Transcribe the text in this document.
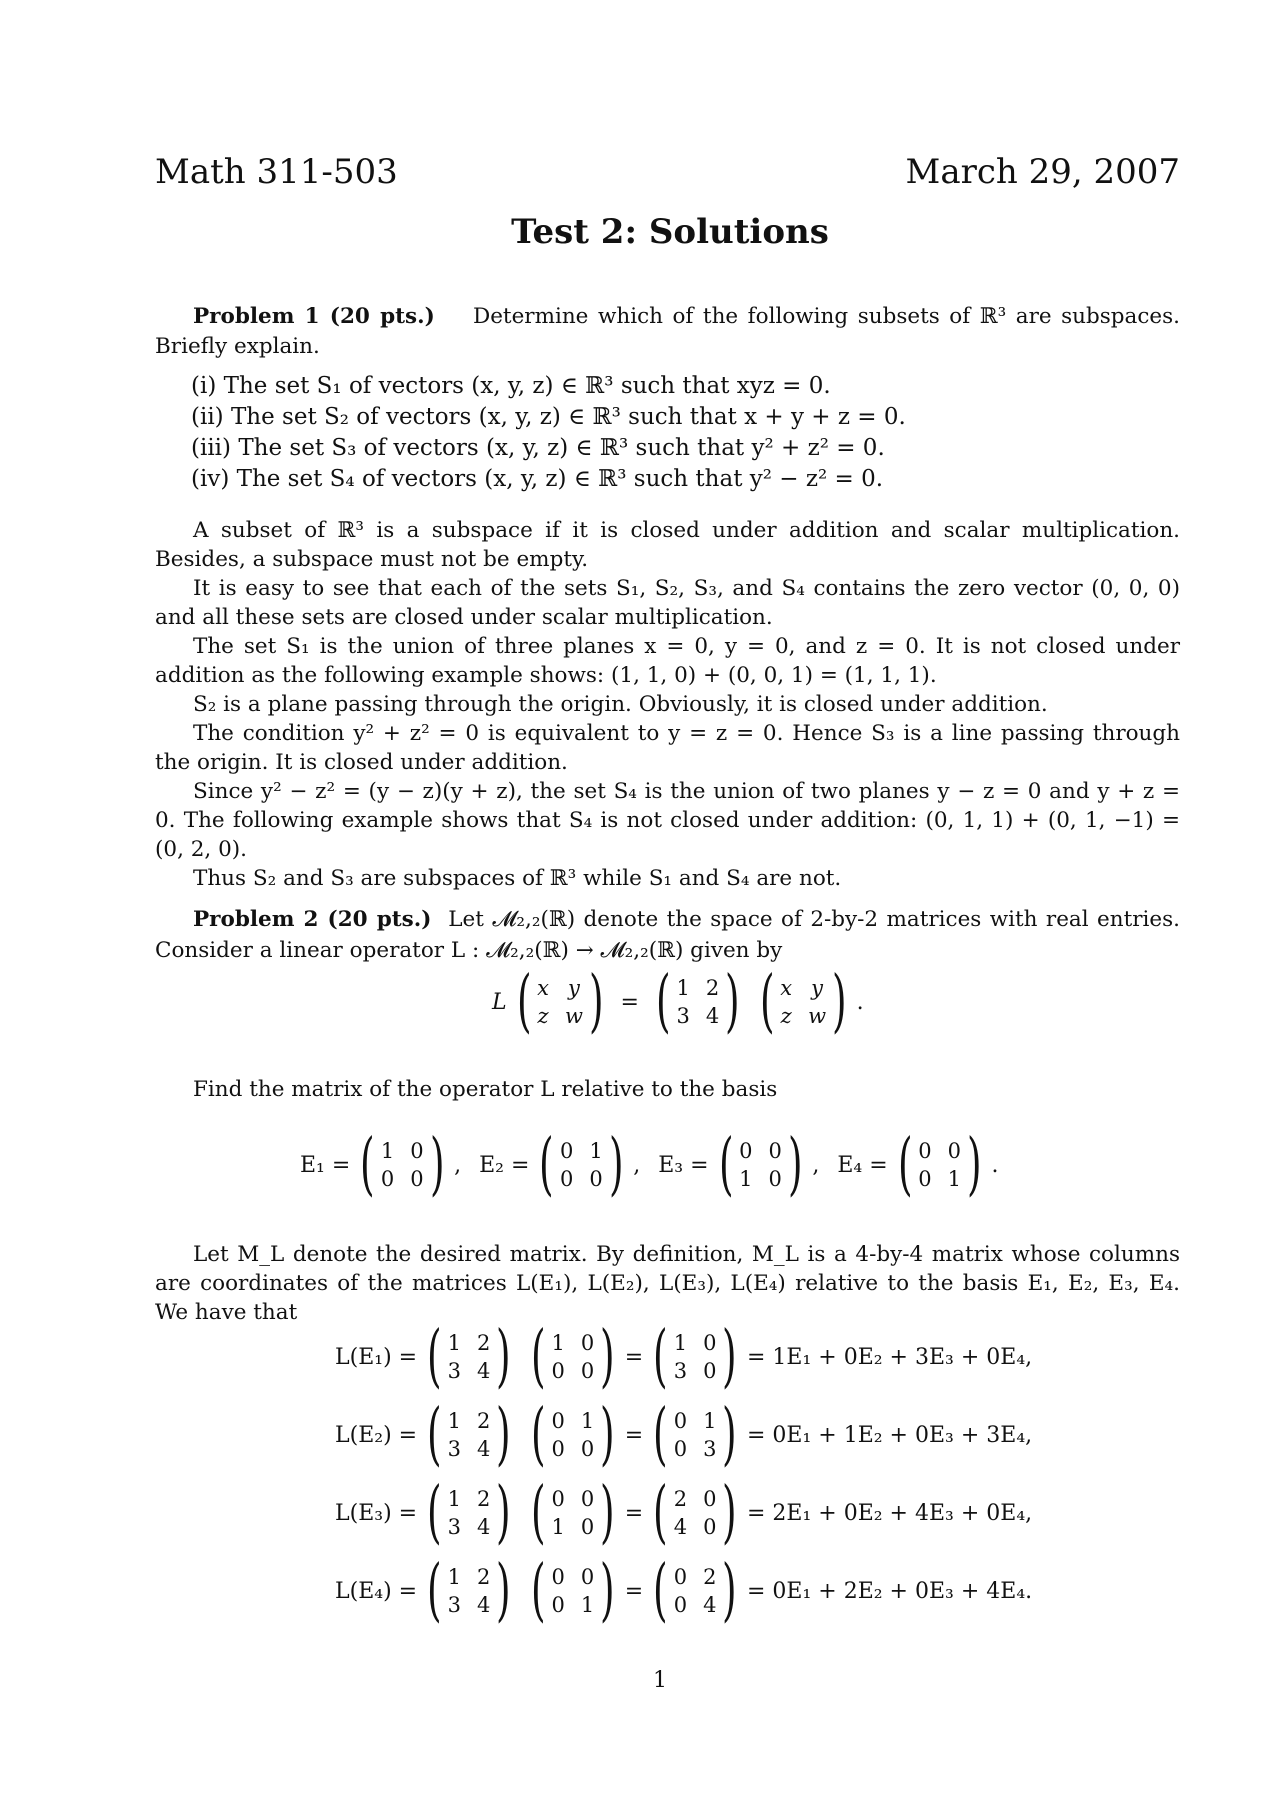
Math 311-503	March 29, 2007
Test 2: Solutions

Problem 1 (20 pts.) Determine which of the following subsets of ℝ³ are subspaces. Briefly explain.

(i) The set S₁ of vectors (x, y, z) ∈ ℝ³ such that xyz = 0.

(ii) The set S₂ of vectors (x, y, z) ∈ ℝ³ such that x + y + z = 0.

(iii) The set S₃ of vectors (x, y, z) ∈ ℝ³ such that y² + z² = 0.

(iv) The set S₄ of vectors (x, y, z) ∈ ℝ³ such that y² − z² = 0.

A subset of ℝ³ is a subspace if it is closed under addition and scalar multiplication. Besides, a subspace must not be empty.

It is easy to see that each of the sets S₁, S₂, S₃, and S₄ contains the zero vector (0, 0, 0) and all these sets are closed under scalar multiplication.

The set S₁ is the union of three planes x = 0, y = 0, and z = 0. It is not closed under addition as the following example shows: (1, 1, 0) + (0, 0, 1) = (1, 1, 1).

S₂ is a plane passing through the origin. Obviously, it is closed under addition.

The condition y² + z² = 0 is equivalent to y = z = 0. Hence S₃ is a line passing through the origin. It is closed under addition.

Since y² − z² = (y − z)(y + z), the set S₄ is the union of two planes y − z = 0 and y + z = 0. The following example shows that S₄ is not closed under addition: (0, 1, 1) + (0, 1, −1) = (0, 2, 0).

Thus S₂ and S₃ are subspaces of ℝ³ while S₁ and S₄ are not.

Problem 2 (20 pts.) Let 𝓜₂,₂(ℝ) denote the space of 2-by-2 matrices with real entries. Consider a linear operator L : 𝓜₂,₂(ℝ) → 𝓜₂,₂(ℝ) given by

L ( x y
z w ) = ( 1 2
3 4 ) ( x y
z w ) .

Find the matrix of the operator L relative to the basis

E₁ = ( 1 0
0 0 ) , E₂ = ( 0 1
0 0 ) , E₃ = ( 0 0
1 0 ) , E₄ = ( 0 0
0 1 ) .

Let M_L denote the desired matrix. By definition, M_L is a 4-by-4 matrix whose columns are coordinates of the matrices L(E₁), L(E₂), L(E₃), L(E₄) relative to the basis E₁, E₂, E₃, E₄. We have that

L(E₁) = ( 1 2
3 4 ) ( 1 0
0 0 ) = ( 1 0
3 0 ) = 1E₁ + 0E₂ + 3E₃ + 0E₄,
L(E₂) = ( 1 2
3 4 ) ( 0 1
0 0 ) = ( 0 1
0 3 ) = 0E₁ + 1E₂ + 0E₃ + 3E₄,
L(E₃) = ( 1 2
3 4 ) ( 0 0
1 0 ) = ( 2 0
4 0 ) = 2E₁ + 0E₂ + 4E₃ + 0E₄,
L(E₄) = ( 1 2
3 4 ) ( 0 0
0 1 ) = ( 0 2
0 4 ) = 0E₁ + 2E₂ + 0E₃ + 4E₄.
1
